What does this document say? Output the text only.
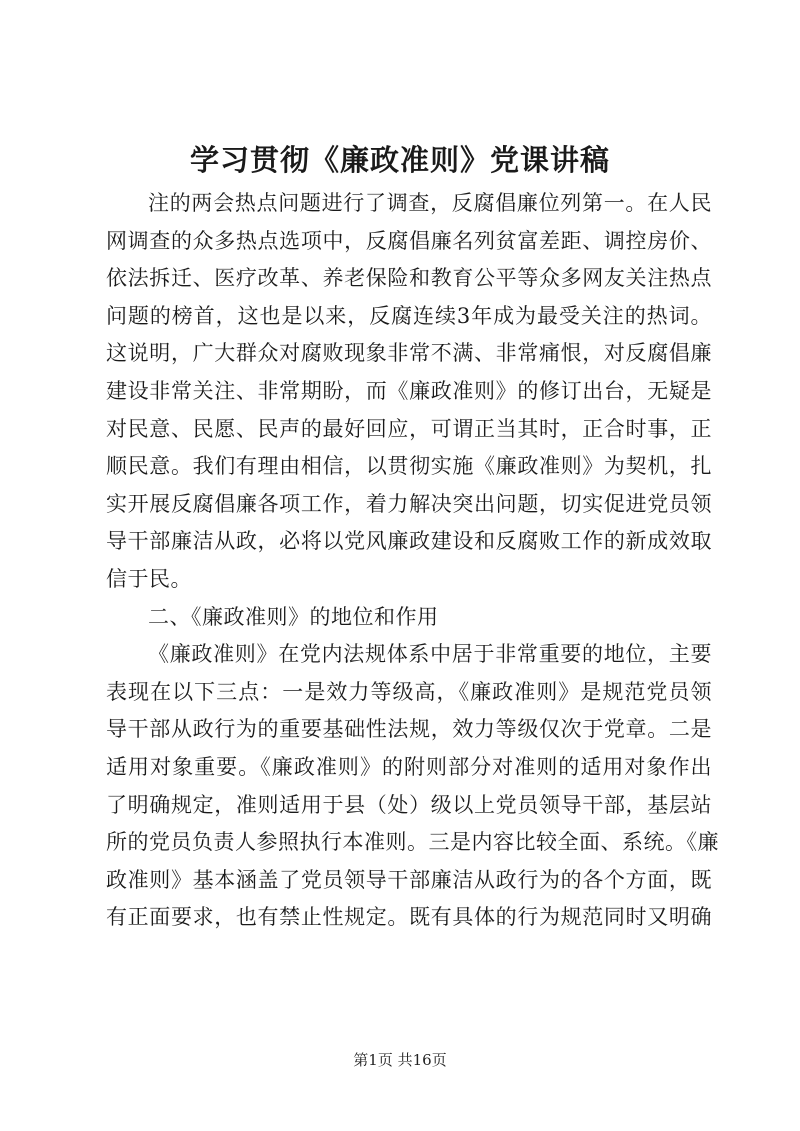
学习贯彻《廉政准则》党课讲稿
注的两会热点问题进行了调查，反腐倡廉位列第一。在人民
网调查的众多热点选项中，反腐倡廉名列贫富差距、调控房价、
依法拆迁、医疗改革、养老保险和教育公平等众多网友关注热点
问题的榜首，这也是以来，反腐连续3年成为最受关注的热词。
这说明，广大群众对腐败现象非常不满、非常痛恨，对反腐倡廉
建设非常关注、非常期盼，而《廉政准则》的修订出台，无疑是
对民意、民愿、民声的最好回应，可谓正当其时，正合时事，正
顺民意。我们有理由相信，以贯彻实施《廉政准则》为契机，扎
实开展反腐倡廉各项工作，着力解决突出问题，切实促进党员领
导干部廉洁从政，必将以党风廉政建设和反腐败工作的新成效取
信于民。
二、《廉政准则》的地位和作用
《廉政准则》在党内法规体系中居于非常重要的地位，主要
表现在以下三点：一是效力等级高，《廉政准则》是规范党员领
导干部从政行为的重要基础性法规，效力等级仅次于党章。二是
适用对象重要。《廉政准则》的附则部分对准则的适用对象作出
了明确规定，准则适用于县（处）级以上党员领导干部，基层站
所的党员负责人参照执行本准则。三是内容比较全面、系统。《廉
政准则》基本涵盖了党员领导干部廉洁从政行为的各个方面，既
有正面要求，也有禁止性规定。既有具体的行为规范同时又明确
第1页 共16页
